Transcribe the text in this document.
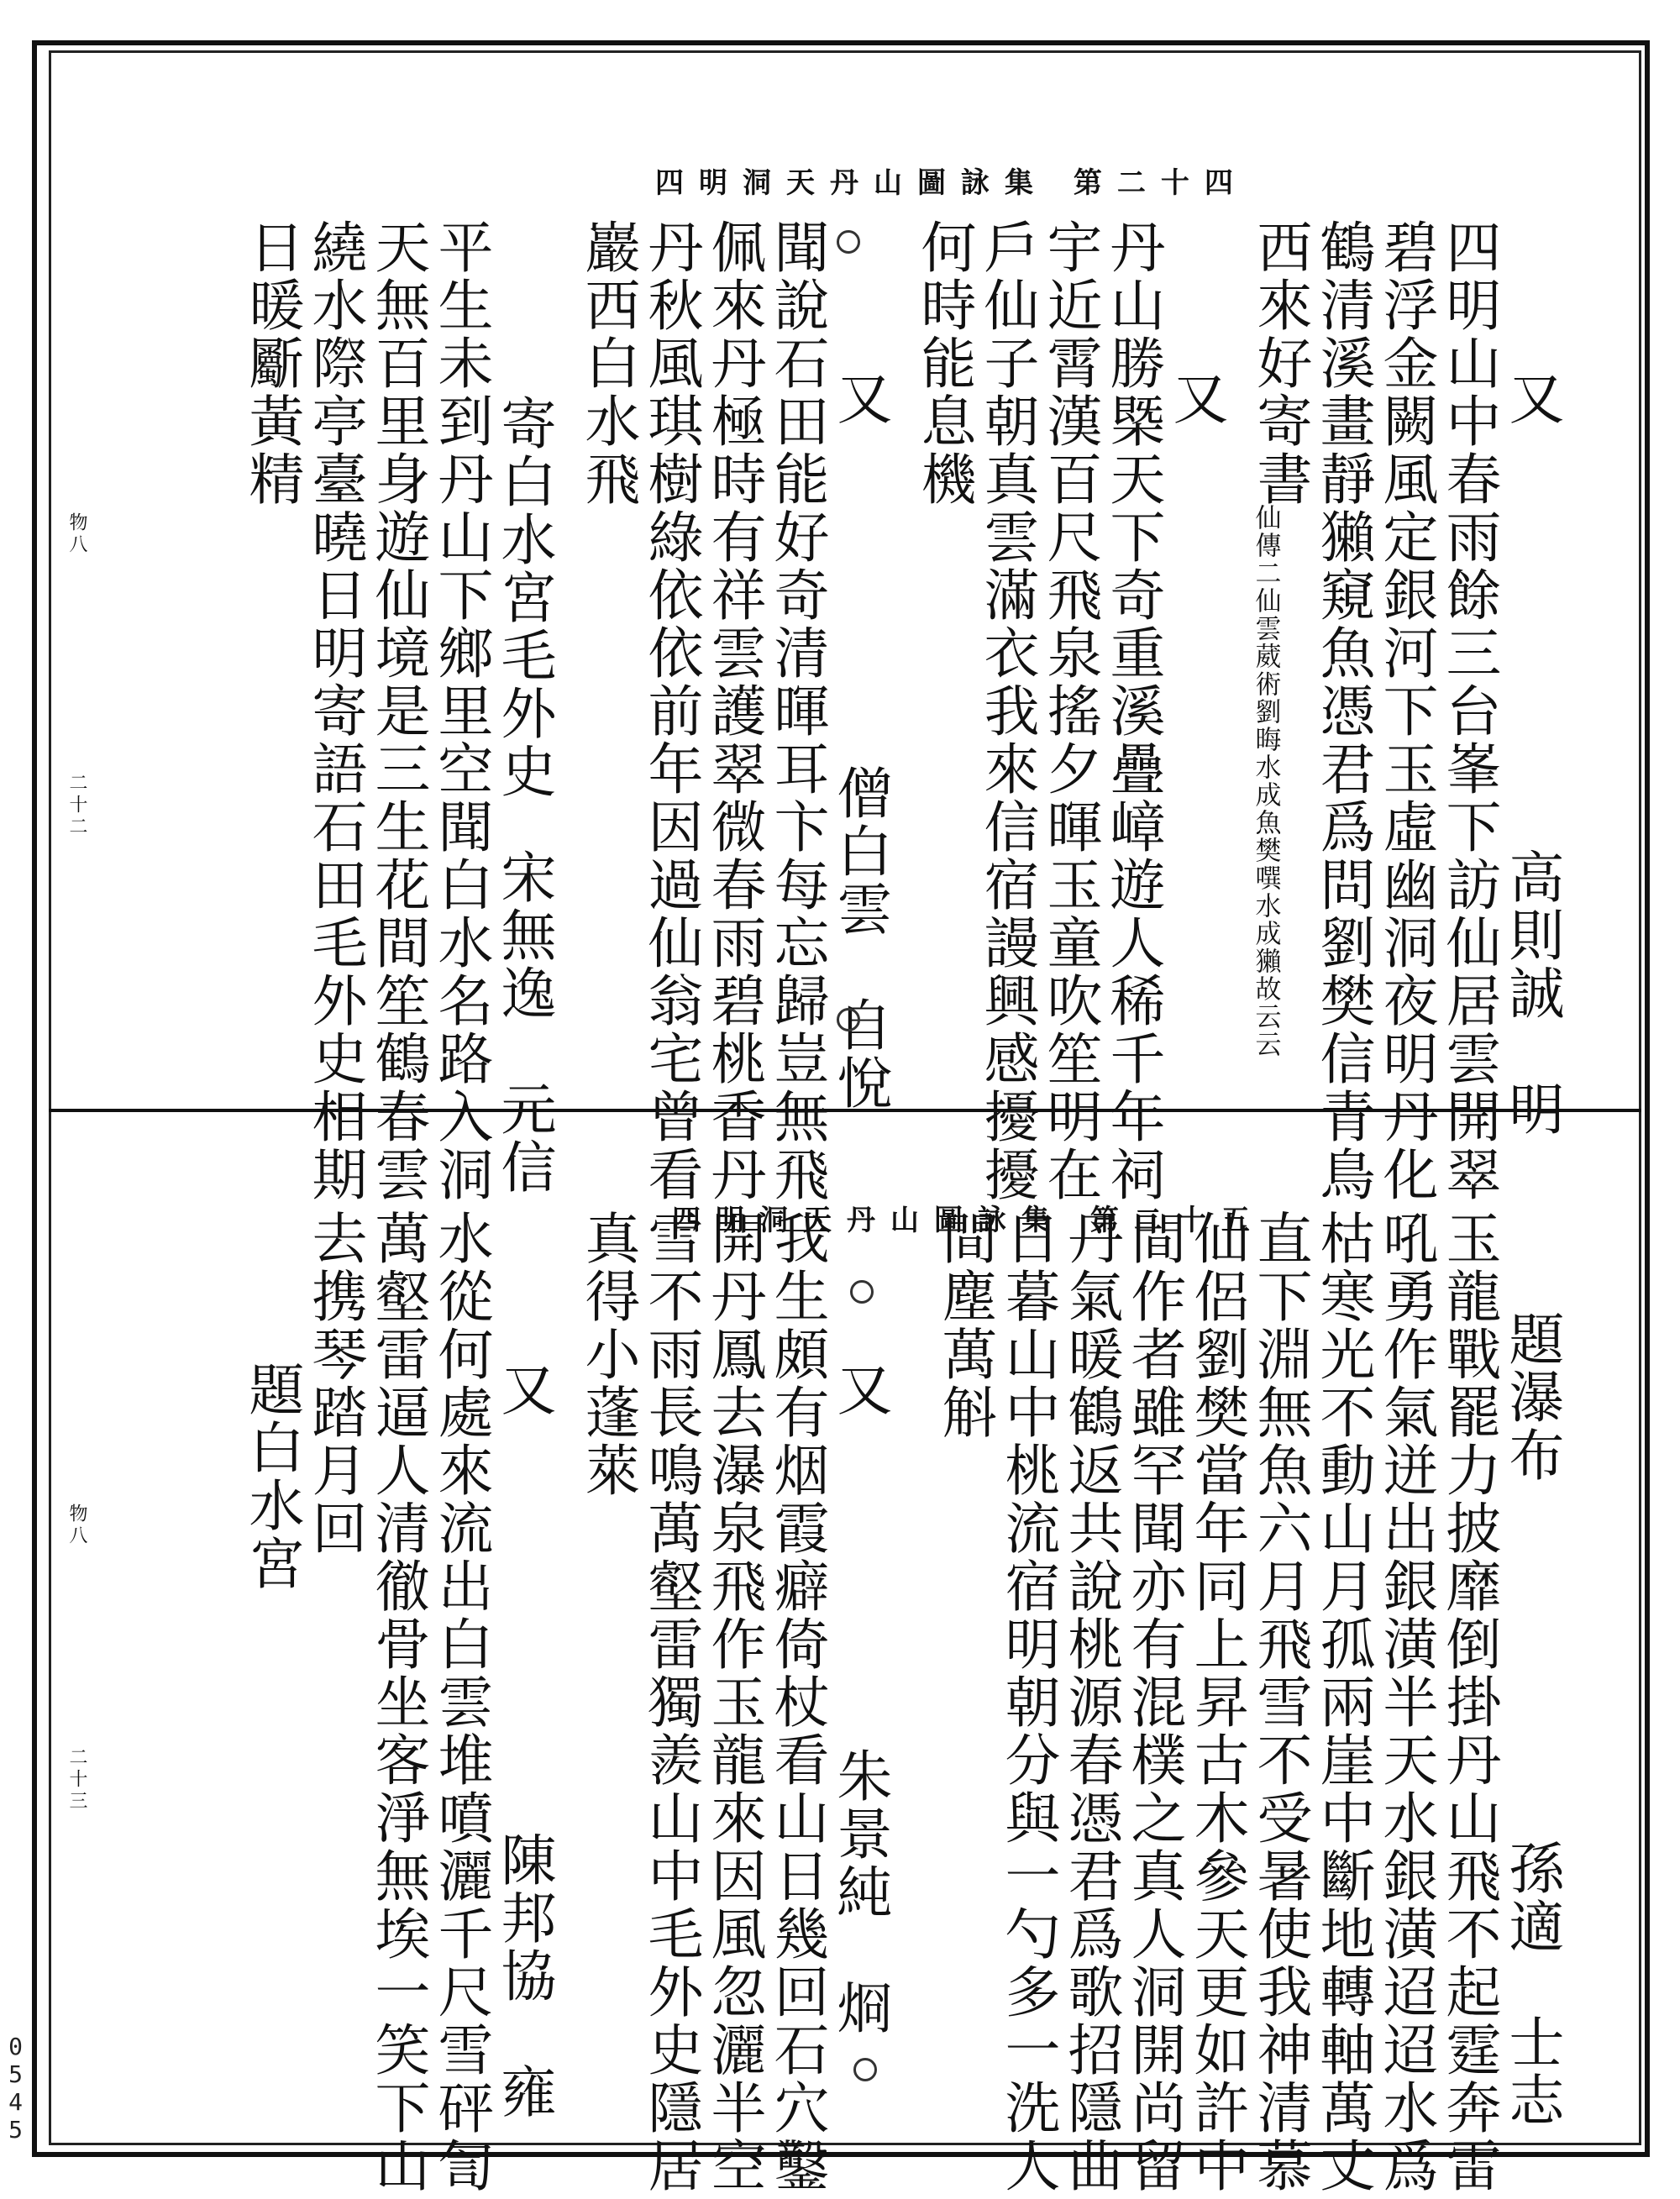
四明洞天丹山圖詠集 第二十四
四明洞天丹山圖詠集 第二十五
又
高則誠　明
四明山中春雨餘三台峯下訪仙居雲開翠
碧浮金闕風定銀河下玉虛幽洞夜明丹化
鶴清溪畫靜獺窺魚憑君爲問劉樊信青鳥
西來好寄書
仙傳二仙雲葳術劉晦水成魚樊噀水成獺故云云
又
丹山勝槩天下奇重溪疊嶂遊人稀千年祠
宇近霄漢百尺飛泉搖夕暉玉童吹笙明在
戶仙子朝真雲滿衣我來信宿謾興感擾擾
何時能息機
又
僧白雲　自悅
聞說石田能好奇清暉耳卞每忘歸豈無飛
佩來丹極時有祥雲護翠微春雨碧桃香丹
丹秋風琪樹綠依依前年因過仙翁宅曾看
巖西白水飛
寄白水宮毛外史
宋無逸　元信
平生未到丹山下鄉里空聞白水名路入洞
天無百里身遊仙境是三生花間笙鶴春雲
繞水際亭臺曉日明寄語石田毛外史相期
日暖斸黃精
物八
二十二
題瀑布
孫適　士志
玉龍戰罷力披靡倒掛丹山飛不起霆奔雷
吼勇作氣迸出銀潢半天水銀潢迢迢水爲
枯寒光不動山月孤兩崖中斷地轉軸萬丈
直下淵無魚六月飛雪不受暑使我神清慕
仙侶劉樊當年同上昇古木參天更如許中
間作者雖罕聞亦有混樸之真人洞開尚留
丹氣暖鶴返共說桃源春憑君爲歌招隱曲
日暮山中桃流宿明朝分與一勺多一洗人
間塵萬斛
又
朱景純　烱
我生頗有烟霞癖倚杖看山日幾回石穴鑿
開丹鳳去瀑泉飛作玉龍來因風忽灑半空
雪不雨長鳴萬壑雷獨羨山中毛外史隱居
真得小蓬萊
又
陳邦協　雍
水從何處來流出白雲堆噴灑千尺雪砰訇
萬壑雷逼人清徹骨坐客淨無埃一笑下山
去携琴踏月回
題白水宮
物八
二十三
0545
